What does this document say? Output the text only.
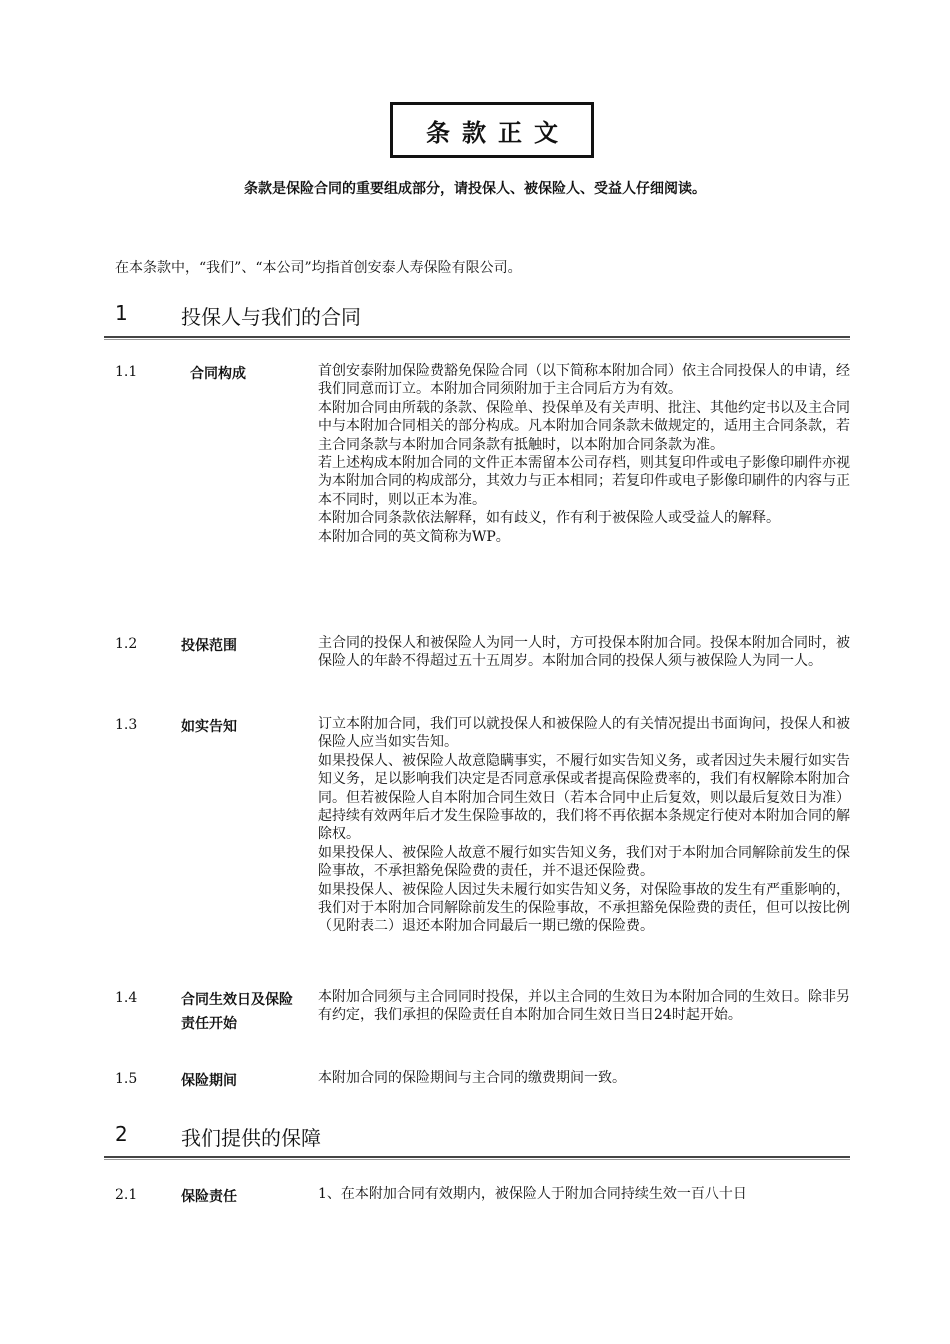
条款正文
条款是保险合同的重要组成部分，请投保人、被保险人、受益人仔细阅读。
在本条款中，“我们”、“本公司”均指首创安泰人寿保险有限公司。
1	投保人与我们的合同
1.1	合同构成	首创安泰附加保险费豁免保险合同（以下简称本附加合同）依主合同投保人的申请，经我们同意而订立。本附加合同须附加于主合同后方为有效。

本附加合同由所载的条款、保险单、投保单及有关声明、批注、其他约定书以及主合同中与本附加合同相关的部分构成。凡本附加合同条款未做规定的，适用主合同条款，若主合同条款与本附加合同条款有抵触时，以本附加合同条款为准。

若上述构成本附加合同的文件正本需留本公司存档，则其复印件或电子影像印刷件亦视为本附加合同的构成部分，其效力与正本相同；若复印件或电子影像印刷件的内容与正本不同时，则以正本为准。

本附加合同条款依法解释，如有歧义，作有利于被保险人或受益人的解释。

本附加合同的英文简称为WP。

1.2	投保范围	主合同的投保人和被保险人为同一人时，方可投保本附加合同。投保本附加合同时，被保险人的年龄不得超过五十五周岁。本附加合同的投保人须与被保险人为同一人。

1.3	如实告知	订立本附加合同，我们可以就投保人和被保险人的有关情况提出书面询问，投保人和被保险人应当如实告知。

如果投保人、被保险人故意隐瞒事实，不履行如实告知义务，或者因过失未履行如实告知义务，足以影响我们决定是否同意承保或者提高保险费率的，我们有权解除本附加合同。但若被保险人自本附加合同生效日（若本合同中止后复效，则以最后复效日为准）起持续有效两年后才发生保险事故的，我们将不再依据本条规定行使对本附加合同的解除权。

如果投保人、被保险人故意不履行如实告知义务，我们对于本附加合同解除前发生的保险事故，不承担豁免保险费的责任，并不退还保险费。

如果投保人、被保险人因过失未履行如实告知义务，对保险事故的发生有严重影响的，我们对于本附加合同解除前发生的保险事故，不承担豁免保险费的责任，但可以按比例（见附表二）退还本附加合同最后一期已缴的保险费。

1.4	合同生效日及保险责任开始

本附加合同须与主合同同时投保，并以主合同的生效日为本附加合同的生效日。除非另有约定，我们承担的保险责任自本附加合同生效日当日24时起开始。

1.5	保险期间	本附加合同的保险期间与主合同的缴费期间一致。

2	我们提供的保障
2.1	保险责任	1、在本附加合同有效期内，被保险人于附加合同持续生效一百八十日
